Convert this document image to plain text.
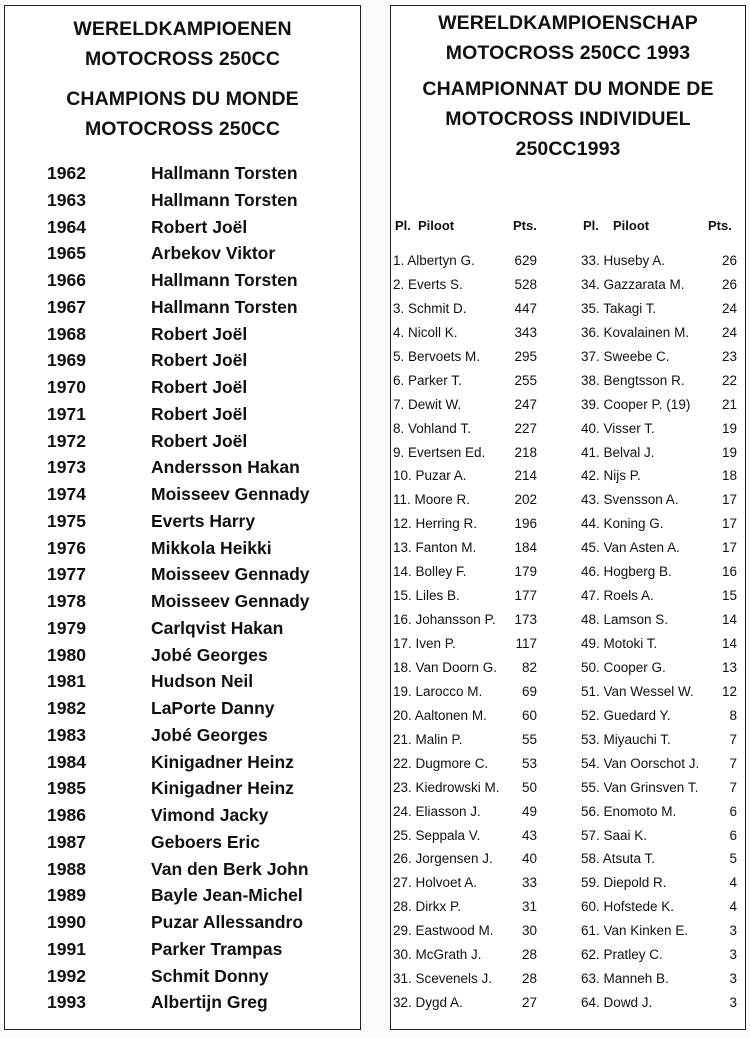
WERELDKAMPIOENEN

MOTOCROSS 250CC

CHAMPIONS DU MONDE

MOTOCROSS 250CC

1962	Hallmann Torsten
1963	Hallmann Torsten
1964	Robert Joël
1965	Arbekov Viktor
1966	Hallmann Torsten
1967	Hallmann Torsten
1968	Robert Joël
1969	Robert Joël
1970	Robert Joël
1971	Robert Joël
1972	Robert Joël
1973	Andersson Hakan
1974	Moisseev Gennady
1975	Everts Harry
1976	Mikkola Heikki
1977	Moisseev Gennady
1978	Moisseev Gennady
1979	Carlqvist Hakan
1980	Jobé Georges
1981	Hudson Neil
1982	LaPorte Danny
1983	Jobé Georges
1984	Kinigadner Heinz
1985	Kinigadner Heinz
1986	Vimond Jacky
1987	Geboers Eric
1988	Van den Berk John
1989	Bayle Jean-Michel
1990	Puzar Allessandro
1991	Parker Trampas
1992	Schmit Donny
1993	Albertijn Greg

WERELDKAMPIOENSCHAP

MOTOCROSS 250CC 1993

CHAMPIONNAT DU MONDE DE

MOTOCROSS INDIVIDUEL

250CC1993

Pl. Piloot	Pts.	Pl. Piloot	Pts.
1. Albertyn G.	629
2. Everts S.	528
3. Schmit D.	447
4. Nicoll K.	343
5. Bervoets M.	295
6. Parker T.	255
7. Dewit W.	247
8. Vohland T.	227
9. Evertsen Ed. 218
10. Puzar A.	214
11. Moore R.	202
12. Herring R.	196
13. Fanton M.	184
14. Bolley F.	179
15. Liles B.	177
16. Johansson P. 173
17. Iven P.	117
18. Van Doorn G. 82
19. Larocco M.	69
20. Aaltonen M.	60
21. Malin P.	55
22. Dugmore C. 53
23. Kiedrowski M. 50
24. Eliasson J.	49
25. Seppala V.	43
26. Jorgensen J. 40
27. Holvoet A.	33
28. Dirkx P.	31
29. Eastwood M. 30
30. McGrath J.	28
31. Scevenels J. 28
32. Dygd A.	27
33. Huseby A.	26
34. Gazzarata M.	26
35. Takagi T.	24
36. Kovalainen M. 24
37. Sweebe C.	23
38. Bengtsson R.	22
39. Cooper P. (19) 21
40. Visser T.	19
41. Belval J.	19
42. Nijs P.	18
43. Svensson A.	17
44. Koning G.	17
45. Van Asten A.	17
46. Hogberg B.	16
47. Roels A.	15
48. Lamson S.	14
49. Motoki T.	14
50. Cooper G.	13
51. Van Wessel W. 12
52. Guedard Y.	8
53. Miyauchi T.	7
54. Van Oorschot J. 7
55. Van Grinsven T. 7
56. Enomoto M.	6
57. Saai K.	6
58. Atsuta T.	5
59. Diepold R.	4
60. Hofstede K.	4
61. Van Kinken E.	3
62. Pratley C.	3
63. Manneh B.	3
64. Dowd J.	3
